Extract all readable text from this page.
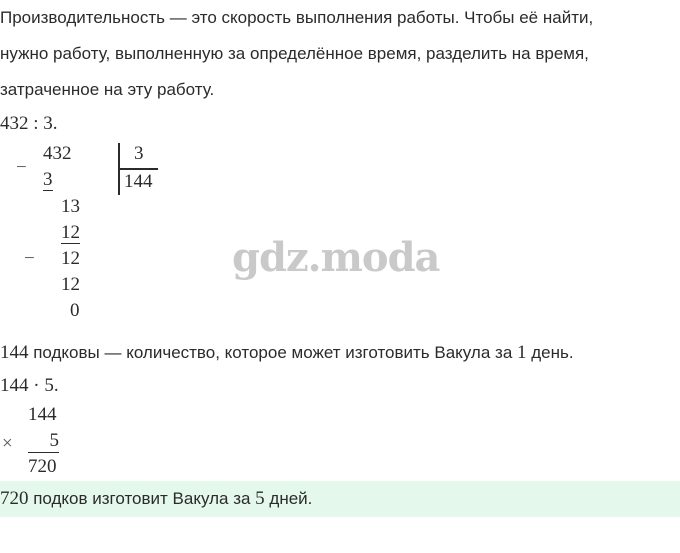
Производительность — это скорость выполнения работы. Чтобы её найти,
нужно работу, выполненную за определённое время, разделить на время,
затраченное на эту работу.
432 : 3.
−
432
3
3
144
13
12
− 12
12
0
gdz.moda
144 подковы — количество, которое может изготовить Вакула за 1 день.
144 · 5.
144
×	5
720
720 подков изготовит Вакула за 5 дней.
